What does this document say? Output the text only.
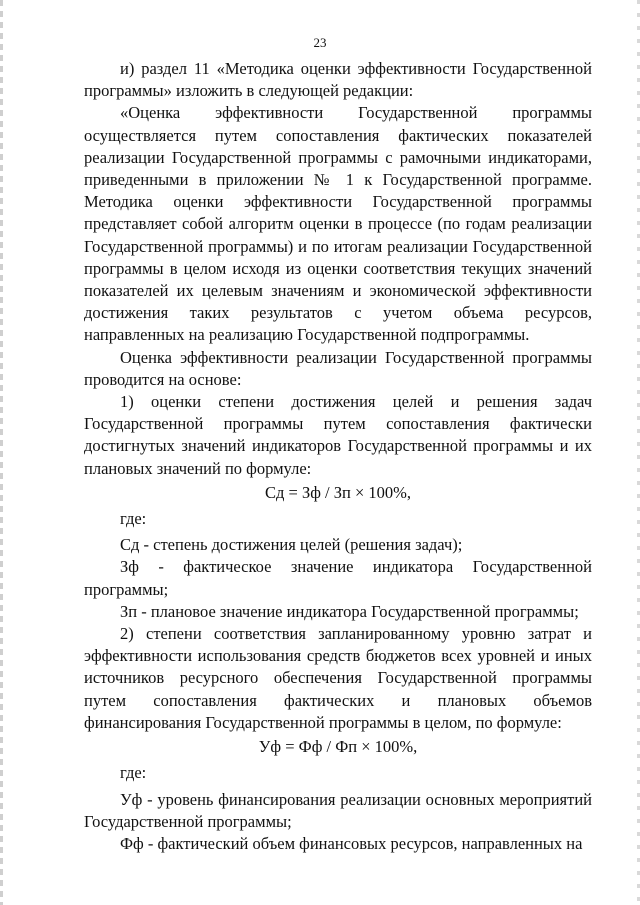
23

и) раздел 11 «Методика оценки эффективности Государственной программы» изложить в следующей редакции:

«Оценка эффективности Государственной программы осуществляется путем сопоставления фактических показателей реализации Государственной программы с рамочными индикаторами, приведенными в приложении № 1 к Государственной программе. Методика оценки эффективности Государственной программы представляет собой алгоритм оценки в процессе (по годам реализации Государственной программы) и по итогам реализации Государственной программы в целом исходя из оценки соответствия текущих значений показателей их целевым значениям и экономической эффективности достижения таких результатов с учетом объема ресурсов, направленных на реализацию Государственной подпрограммы.

Оценка эффективности реализации Государственной программы проводится на основе:

1) оценки степени достижения целей и решения задач Государственной программы путем сопоставления фактически достигнутых значений индикаторов Государственной программы и их плановых значений по формуле:

Сд = Зф / Зп × 100%,

где:

Сд - степень достижения целей (решения задач);

Зф - фактическое значение индикатора Государственной программы;

Зп - плановое значение индикатора Государственной программы;

2) степени соответствия запланированному уровню затрат и эффективности использования средств бюджетов всех уровней и иных источников ресурсного обеспечения Государственной программы путем сопоставления фактических и плановых объемов финансирования Государственной программы в целом, по формуле:

Уф = Фф / Фп × 100%,

где:

Уф - уровень финансирования реализации основных мероприятий Государственной программы;

Фф - фактический объем финансовых ресурсов, направленных на
